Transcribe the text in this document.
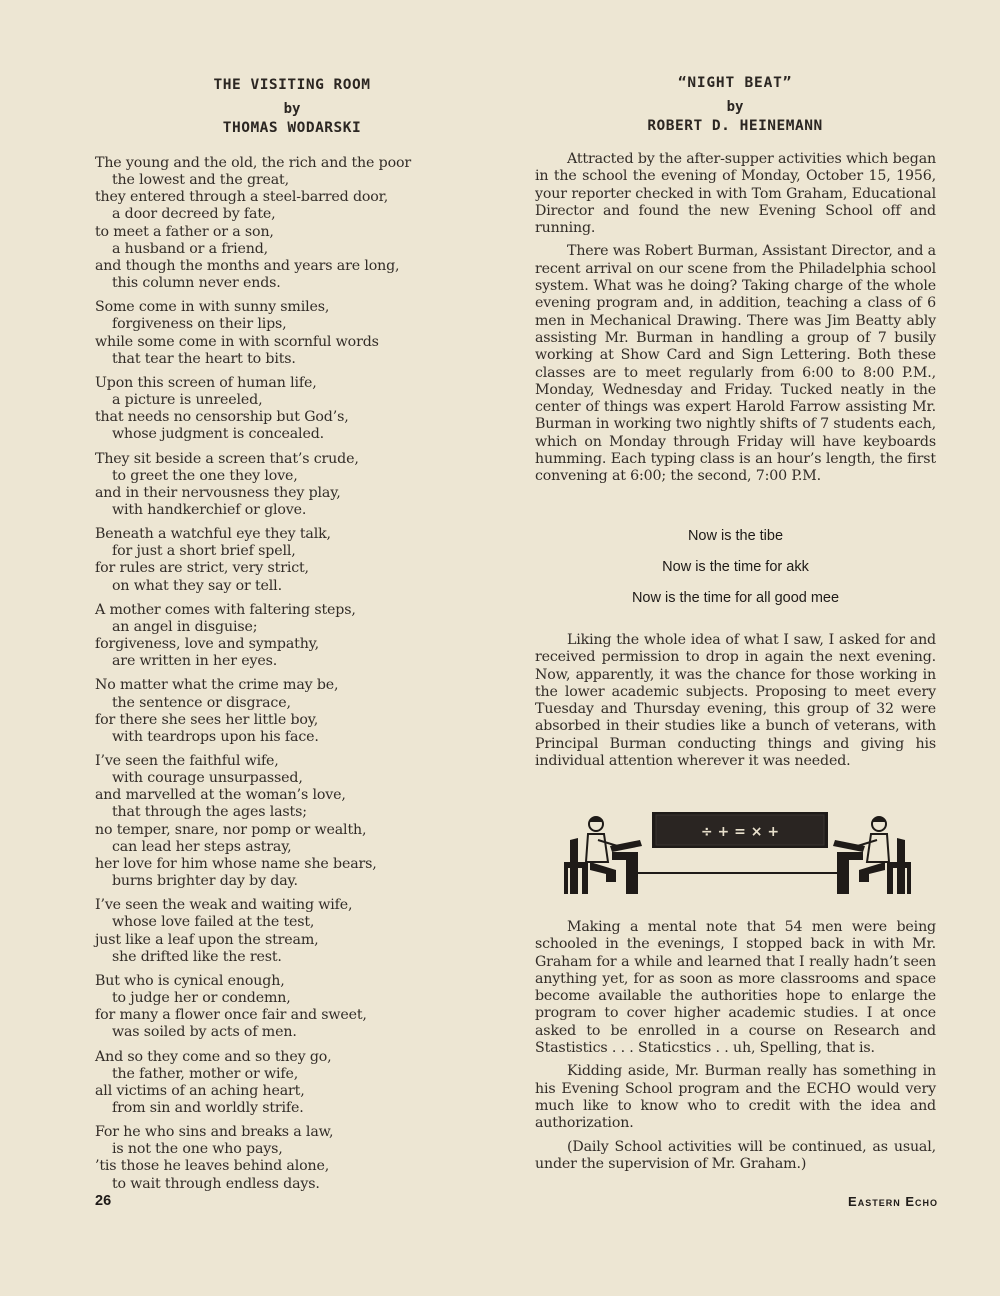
THE VISITING ROOM
by
THOMAS WODARSKI
The young and the old, the rich and the poor
the lowest and the great,
they entered through a steel-barred door,
a door decreed by fate,
to meet a father or a son,
a husband or a friend,
and though the months and years are long,
this column never ends.
Some come in with sunny smiles,
forgiveness on their lips,
while some come in with scornful words
that tear the heart to bits.
Upon this screen of human life,
a picture is unreeled,
that needs no censorship but God’s,
whose judgment is concealed.
They sit beside a screen that’s crude,
to greet the one they love,
and in their nervousness they play,
with handkerchief or glove.
Beneath a watchful eye they talk,
for just a short brief spell,
for rules are strict, very strict,
on what they say or tell.
A mother comes with faltering steps,
an angel in disguise;
forgiveness, love and sympathy,
are written in her eyes.
No matter what the crime may be,
the sentence or disgrace,
for there she sees her little boy,
with teardrops upon his face.
I’ve seen the faithful wife,
with courage unsurpassed,
and marvelled at the woman’s love,
that through the ages lasts;
no temper, snare, nor pomp or wealth,
can lead her steps astray,
her love for him whose name she bears,
burns brighter day by day.
I’ve seen the weak and waiting wife,
whose love failed at the test,
just like a leaf upon the stream,
she drifted like the rest.
But who is cynical enough,
to judge her or condemn,
for many a flower once fair and sweet,
was soiled by acts of men.
And so they come and so they go,
the father, mother or wife,
all victims of an aching heart,
from sin and worldly strife.
For he who sins and breaks a law,
is not the one who pays,
’tis those he leaves behind alone,
to wait through endless days.
“NIGHT BEAT”
by
ROBERT D. HEINEMANN

Attracted by the after-supper activities which began in the school the evening of Monday, October 15, 1956, your reporter checked in with Tom Graham, Educational Director and found the new Evening School off and running.

There was Robert Burman, Assistant Director, and a recent arrival on our scene from the Philadelphia school system. What was he doing? Taking charge of the whole evening program and, in addition, teaching a class of 6 men in Mechanical Drawing. There was Jim Beatty ably assisting Mr. Burman in handling a group of 7 busily working at Show Card and Sign Lettering. Both these classes are to meet regularly from 6:00 to 8:00 P.M., Monday, Wednesday and Friday. Tucked neatly in the center of things was expert Harold Farrow assisting Mr. Burman in working two nightly shifts of 7 students each, which on Monday through Friday will have keyboards humming. Each typing class is an hour’s length, the first convening at 6:00; the second, 7:00 P.M.

Now is the tibe
Now is the time for akk
Now is the time for all good mee

Liking the whole idea of what I saw, I asked for and received permission to drop in again the next evening. Now, apparently, it was the chance for those working in the lower academic subjects. Proposing to meet every Tuesday and Thursday evening, this group of 32 were absorbed in their studies like a bunch of veterans, with Principal Burman conducting things and giving his individual attention wherever it was needed.

÷ + = × +

Making a mental note that 54 men were being schooled in the evenings, I stopped back in with Mr. Graham for a while and learned that I really hadn’t seen anything yet, for as soon as more classrooms and space become available the authorities hope to enlarge the program to cover higher academic studies. I at once asked to be enrolled in a course on Research and Stastistics . . . Staticstics . . uh, Spelling, that is.

Kidding aside, Mr. Burman really has something in his Evening School program and the ECHO would very much like to know who to credit with the idea and authorization.

(Daily School activities will be continued, as usual, under the supervision of Mr. Graham.)

26	Eastern Echo
